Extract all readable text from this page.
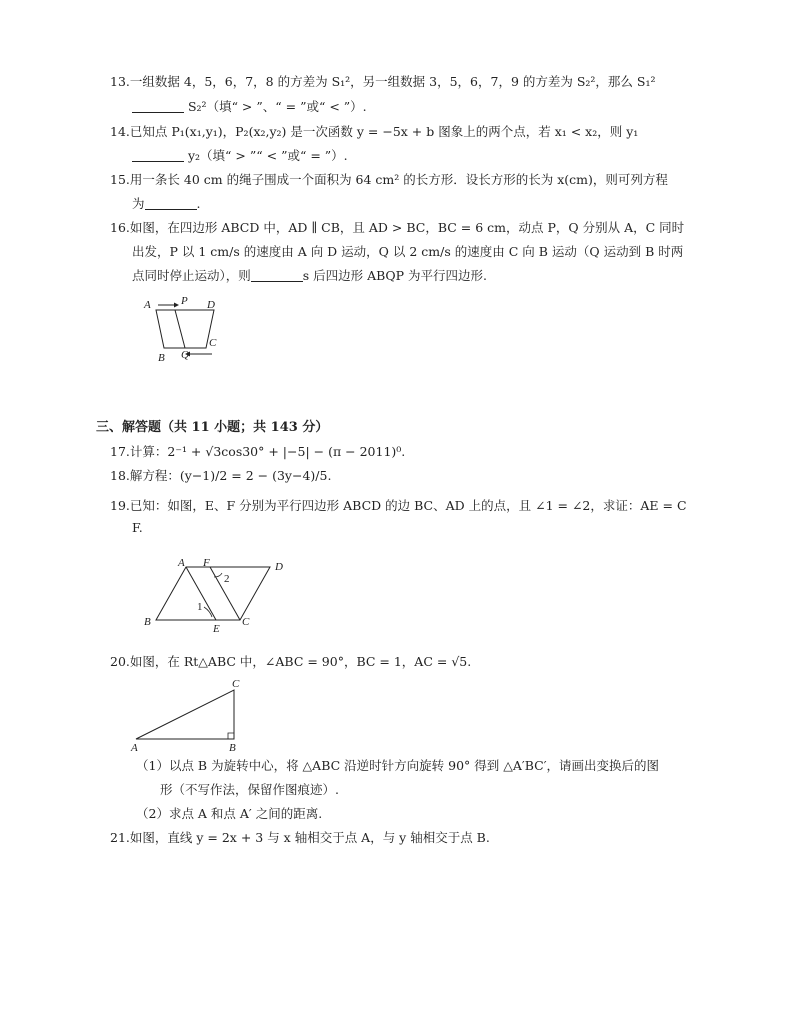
13.一组数据 4，5，6，7，8 的方差为 S₁²，另一组数据 3，5，6，7，9 的方差为 S₂²，那么 S₁²
S₂²（填“ > ”、“ = ”或“ < ”）.
14.已知点 P₁(x₁,y₁)，P₂(x₂,y₂) 是一次函数 y = −5x + b 图象上的两个点，若 x₁ < x₂，则 y₁
y₂（填“ > ”“ < ”或“ = ”）.
15.用一条长 40 cm 的绳子围成一个面积为 64 cm² 的长方形．设长方形的长为 x(cm)，则可列方程
为	.
16.如图，在四边形 ABCD 中，AD ∥ CB，且 AD > BC，BC = 6 cm，动点 P，Q 分别从 A，C 同时
出发，P 以 1 cm/s 的速度由 A 向 D 运动，Q 以 2 cm/s 的速度由 C 向 B 运动（Q 运动到 B 时两
点同时停止运动），则	s 后四边形 ABQP 为平行四边形.
A	P D
C
B Q
三、解答题（共 11 小题；共 143 分）
17.计算：2⁻¹ + √3cos30° + |−5| − (π − 2011)⁰.
18.解方程：(y−1)/2 = 2 − (3y−4)/5.
19.已知：如图，E、F 分别为平行四边形 ABCD 的边 BC、AD 上的点，且 ∠1 = ∠2，求证：AE = C
F.
A F	D
B
E
C
1
2
20.如图，在 Rt△ABC 中，∠ABC = 90°，BC = 1，AC = √5.
A	B
C
（1）以点 B 为旋转中心，将 △ABC 沿逆时针方向旋转 90° 得到 △A′BC′，请画出变换后的图
形（不写作法，保留作图痕迹）.
（2）求点 A 和点 A′ 之间的距离.
21.如图，直线 y = 2x + 3 与 x 轴相交于点 A，与 y 轴相交于点 B.
